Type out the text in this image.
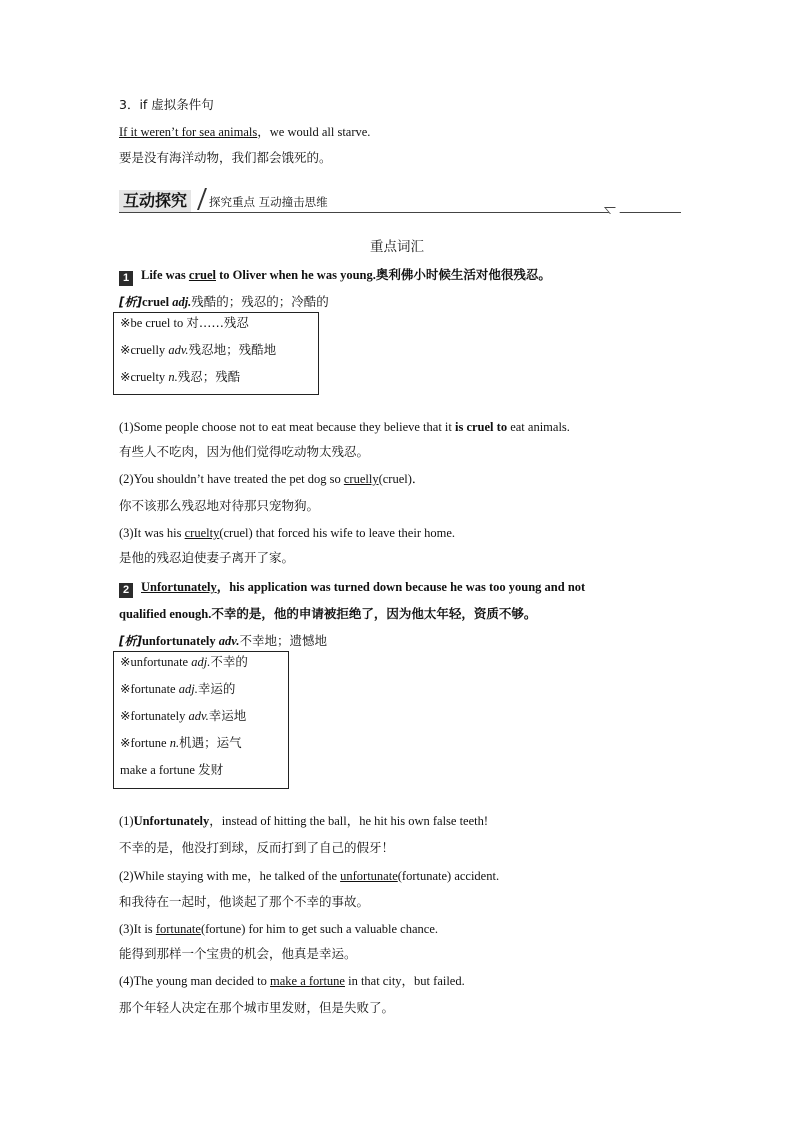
3．if 虚拟条件句
If it weren’t for sea animals，we would all starve.
要是没有海洋动物，我们都会饿死的。
互动探究	探究重点 互动撞击思维
重点词汇
1 Life was cruel to Oliver when he was young.奥利佛小时候生活对他很残忍。
[析]cruel adj.残酷的；残忍的；冷酷的
※be cruel to 对……残忍
※cruelly adv.残忍地；残酷地
※cruelty n.残忍；残酷
(1)Some people choose not to eat meat because they believe that it is cruel to eat animals.
有些人不吃肉，因为他们觉得吃动物太残忍。
(2)You shouldn’t have treated the pet dog so cruelly(cruel)．
你不该那么残忍地对待那只宠物狗。
(3)It was his cruelty(cruel) that forced his wife to leave their home.
是他的残忍迫使妻子离开了家。
2 Unfortunately，his application was turned down because he was too young and not
qualified enough.不幸的是，他的申请被拒绝了，因为他太年轻，资质不够。
[析]unfortunately adv.不幸地；遗憾地
※unfortunate adj.不幸的
※fortunate adj.幸运的
※fortunately adv.幸运地
※fortune n.机遇；运气
make a fortune 发财
(1)Unfortunately，instead of hitting the ball，he hit his own false teeth!
不幸的是，他没打到球，反而打到了自己的假牙！
(2)While staying with me，he talked of the unfortunate(fortunate) accident.
和我待在一起时，他谈起了那个不幸的事故。
(3)It is fortunate(fortune) for him to get such a valuable chance.
能得到那样一个宝贵的机会，他真是幸运。
(4)The young man decided to make a fortune in that city，but failed.
那个年轻人决定在那个城市里发财，但是失败了。
